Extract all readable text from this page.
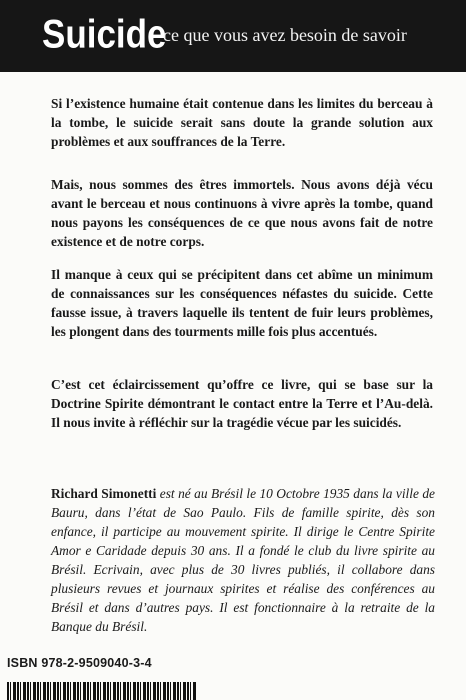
Suicide
ce que vous avez besoin de savoir

Si l’existence humaine était contenue dans les limites du berceau à la tombe, le suicide serait sans doute la grande solution aux problèmes et aux souffrances de la Terre.

Mais, nous sommes des êtres immortels. Nous avons déjà vécu avant le berceau et nous continuons à vivre après la tombe, quand nous payons les conséquences de ce que nous avons fait de notre existence et de notre corps.

Il manque à ceux qui se précipitent dans cet abîme un minimum de connaissances sur les conséquences néfastes du suicide. Cette fausse issue, à travers laquelle ils tentent de fuir leurs problèmes, les plongent dans des tourments mille fois plus accentués.

C’est cet éclaircissement qu’offre ce livre, qui se base sur la Doctrine Spirite démontrant le contact entre la Terre et l’Au-delà. Il nous invite à réfléchir sur la tragédie vécue par les suicidés.

Richard Simonetti est né au Brésil le 10 Octobre 1935 dans la ville de Bauru, dans l’état de Sao Paulo. Fils de famille spirite, dès son enfance, il participe au mouvement spirite. Il dirige le Centre Spirite Amor e Caridade depuis 30 ans. Il a fondé le club du livre spirite au Brésil. Ecrivain, avec plus de 30 livres publiés, il collabore dans plusieurs revues et journaux spirites et réalise des conférences au Brésil et dans d’autres pays. Il est fonctionnaire à la retraite de la Banque du Brésil.

ISBN 978-2-9509040-3-4
